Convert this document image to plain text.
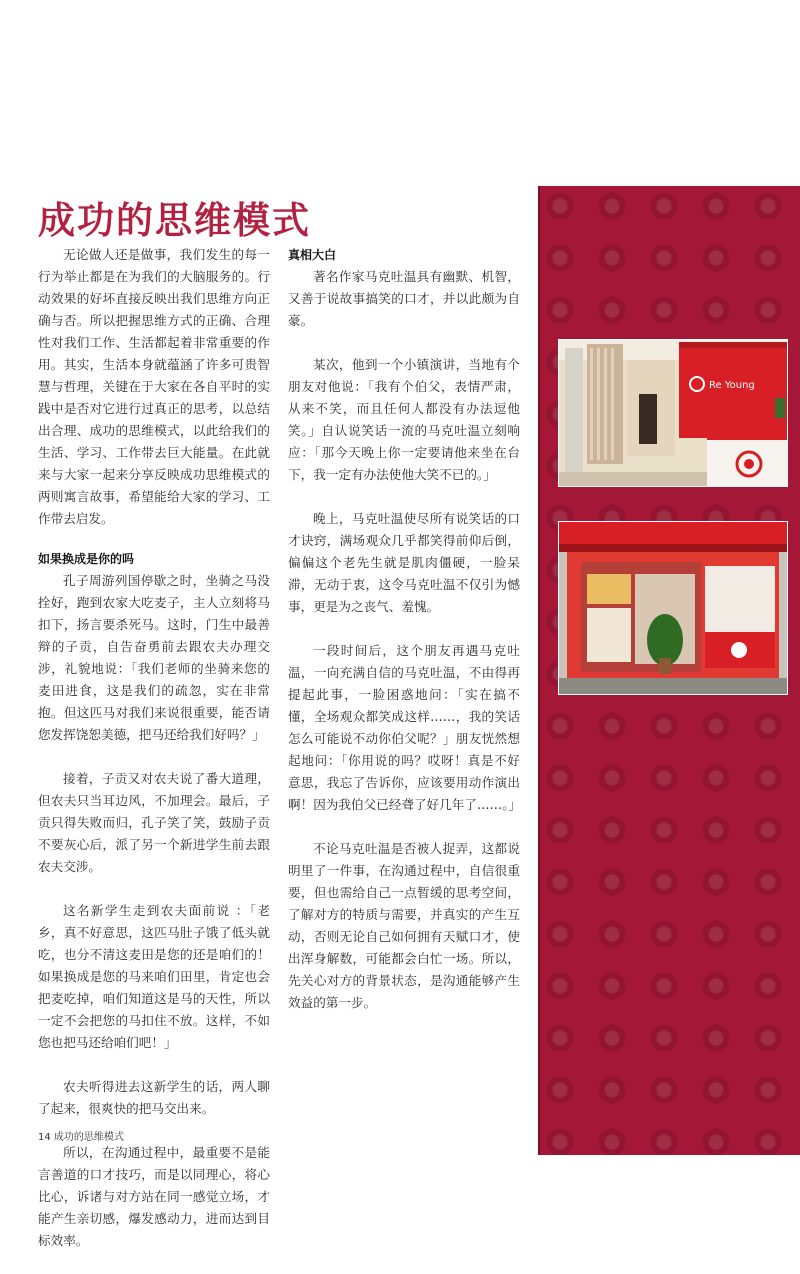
成功的思维模式

无论做人还是做事，我们发生的每一行为举止都是在为我们的大脑服务的。行动效果的好坏直接反映出我们思维方向正确与否。所以把握思维方式的正确、合理性对我们工作、生活都起着非常重要的作用。其实，生活本身就蕴涵了许多可贵智慧与哲理，关键在于大家在各自平时的实践中是否对它进行过真正的思考，以总结出合理、成功的思维模式，以此给我们的生活、学习、工作带去巨大能量。在此就来与大家一起来分享反映成功思维模式的两则寓言故事，希望能给大家的学习、工作带去启发。

如果换成是你的吗

孔子周游列国停歇之时，坐骑之马没拴好，跑到农家大吃麦子，主人立刻将马扣下，扬言要杀死马。这时，门生中最善辩的子贡，自告奋勇前去跟农夫办理交涉，礼貌地说：「我们老师的坐骑来您的麦田进食，这是我们的疏忽，实在非常抱。但这匹马对我们来说很重要，能否请您发挥饶恕美德，把马还给我们好吗？」

接着，子贡又对农夫说了番大道理，但农夫只当耳边风，不加理会。最后，子贡只得失败而归，孔子笑了笑，鼓励子贡不要灰心后，派了另一个新进学生前去跟农夫交涉。

这名新学生走到农夫面前说 ：「老乡，真不好意思，这匹马肚子饿了低头就吃，也分不清这麦田是您的还是咱们的！如果换成是您的马来咱们田里，肯定也会把麦吃掉，咱们知道这是马的天性，所以一定不会把您的马扣住不放。这样，不如您也把马还给咱们吧！」

农夫听得进去这新学生的话，两人聊了起来，很爽快的把马交出来。

所以，在沟通过程中，最重要不是能言善道的口才技巧，而是以同理心，将心比心，诉诸与对方站在同一感觉立场，才能产生亲切感，爆发感动力，进而达到目标效率。

真相大白

著名作家马克吐温具有幽默、机智，又善于说故事搞笑的口才，并以此颇为自豪。

某次，他到一个小镇演讲，当地有个朋友对他说：「我有个伯父，表情严肃，从来不笑，而且任何人都没有办法逗他笑。」自认说笑话一流的马克吐温立刻响应：「那今天晚上你一定要请他来坐在台下，我一定有办法使他大笑不已的。」

晚上，马克吐温使尽所有说笑话的口才诀窍，满场观众几乎都笑得前仰后倒，偏偏这个老先生就是肌肉僵硬，一脸呆滞，无动于衷，这令马克吐温不仅引为憾事，更是为之丧气、羞愧。

一段时间后，这个朋友再遇马克吐温，一向充满自信的马克吐温，不由得再提起此事，一脸困惑地问：「实在搞不懂，全场观众都笑成这样……，我的笑话怎么可能说不动你伯父呢？」朋友恍然想起地问：「你用说的吗？哎呀！真是不好意思，我忘了告诉你，应该要用动作演出啊！因为我伯父已经聋了好几年了……。」

不论马克吐温是否被人捉弄，这都说明里了一件事，在沟通过程中，自信很重要，但也需给自己一点暂缓的思考空间，了解对方的特质与需要，并真实的产生互动，否则无论自己如何拥有天赋口才，使出浑身解数，可能都会白忙一场。所以，先关心对方的背景状态，是沟通能够产生效益的第一步。

Re Young
14 成功的思维模式
